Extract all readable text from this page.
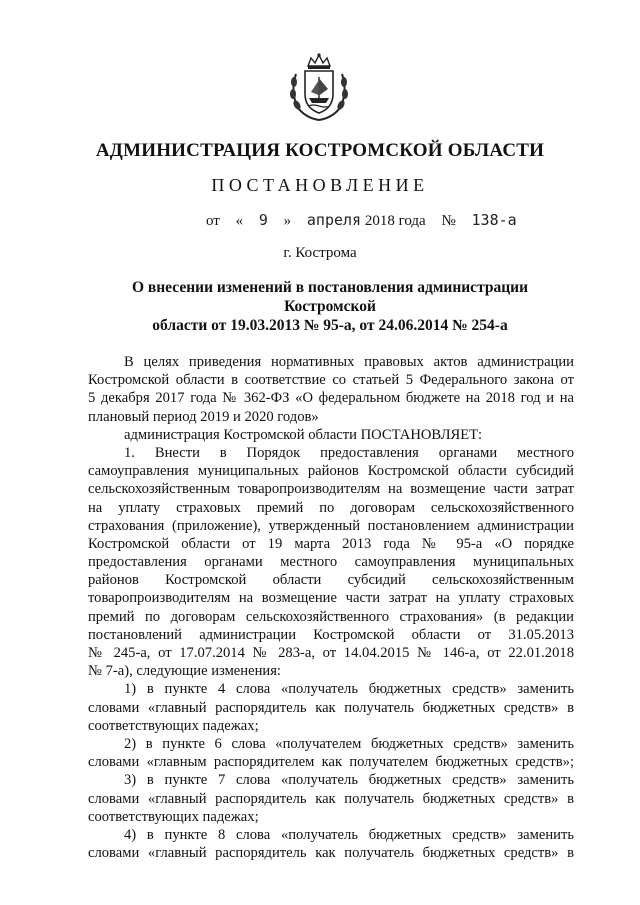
АДМИНИСТРАЦИЯ КОСТРОМСКОЙ ОБЛАСТИ
ПОСТАНОВЛЕНИЕ
от « 9 » апреля 2018 года № 138-а
г. Кострома
О внесении изменений в постановления администрации Костромской
области от 19.03.2013 № 95-а, от 24.06.2014 № 254-а
В целях приведения нормативных правовых актов администрации
Костромской области в соответствие со статьей 5 Федерального закона от
5 декабря 2017 года № 362-ФЗ «О федеральном бюджете на 2018 год и на
плановый период 2019 и 2020 годов»
администрация Костромской области ПОСТАНОВЛЯЕТ:
1. Внести в Порядок предоставления органами местного
самоуправления муниципальных районов Костромской области субсидий
сельскохозяйственным товаропроизводителям на возмещение части затрат
на уплату страховых премий по договорам сельскохозяйственного
страхования (приложение), утвержденный постановлением администрации
Костромской области от 19 марта 2013 года № 95-а «О порядке
предоставления органами местного самоуправления муниципальных
районов Костромской области субсидий сельскохозяйственным
товаропроизводителям на возмещение части затрат на уплату страховых
премий по договорам сельскохозяйственного страхования» (в редакции
постановлений администрации Костромской области от 31.05.2013
№ 245-а, от 17.07.2014 № 283-а, от 14.04.2015 № 146-а, от 22.01.2018
№ 7-а), следующие изменения:
1) в пункте 4 слова «получатель бюджетных средств» заменить
словами «главный распорядитель как получатель бюджетных средств» в
соответствующих падежах;
2) в пункте 6 слова «получателем бюджетных средств» заменить
словами «главным распорядителем как получателем бюджетных средств»;
3) в пункте 7 слова «получатель бюджетных средств» заменить
словами «главный распорядитель как получатель бюджетных средств» в
соответствующих падежах;
4) в пункте 8 слова «получатель бюджетных средств» заменить
словами «главный распорядитель как получатель бюджетных средств» в
